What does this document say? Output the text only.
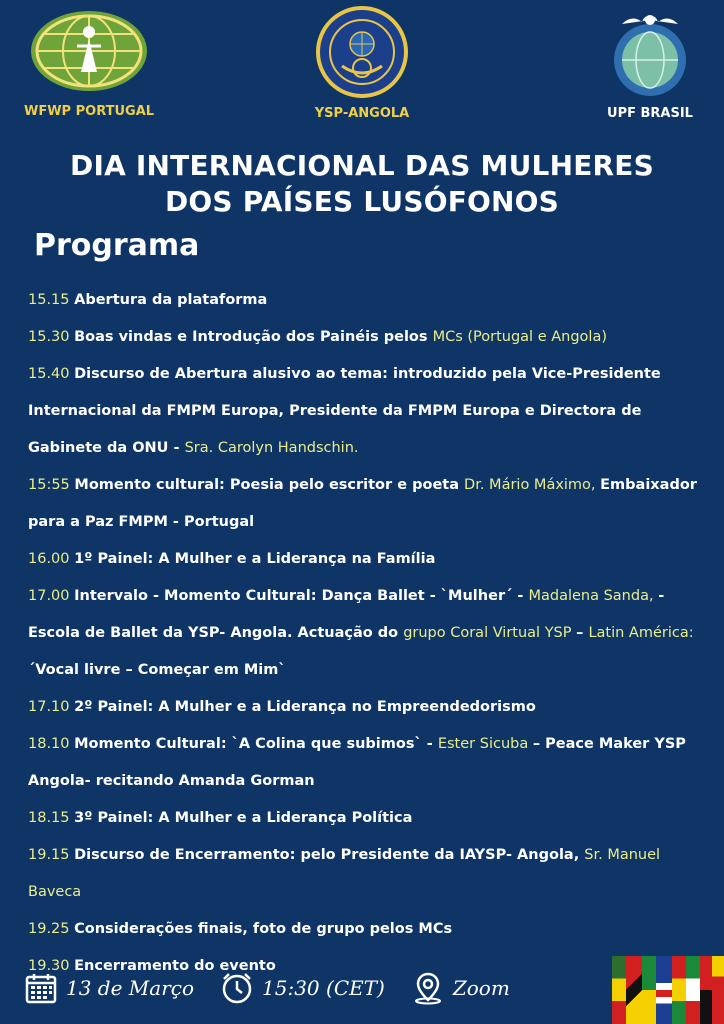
WFWP PORTUGAL	YSP-ANGOLA	UPF BRASIL
DIA INTERNACIONAL DAS MULHERES
DOS PAÍSES LUSÓFONOS
Programa

15.15 Abertura da plataforma

15.30 Boas vindas e Introdução dos Painéis pelos MCs (Portugal e Angola)

15.40 Discurso de Abertura alusivo ao tema: introduzido pela Vice-Presidente Internacional da FMPM Europa, Presidente da FMPM Europa e Directora de Gabinete da ONU - Sra. Carolyn Handschin.

15:55 Momento cultural: Poesia pelo escritor e poeta Dr. Mário Máximo, Embaixador para a Paz FMPM - Portugal

16.00 1º Painel: A Mulher e a Liderança na Família

17.00 Intervalo - Momento Cultural: Dança Ballet - `Mulher´ - Madalena Sanda, -Escola de Ballet da YSP- Angola. Actuação do grupo Coral Virtual YSP – Latin América: ´Vocal livre – Começar em Mim`

17.10 2º Painel: A Mulher e a Liderança no Empreendedorismo

18.10 Momento Cultural: `A Colina que subimos` - Ester Sicuba – Peace Maker YSP Angola- recitando Amanda Gorman

18.15 3º Painel: A Mulher e a Liderança Política

19.15 Discurso de Encerramento: pelo Presidente da IAYSP- Angola, Sr. Manuel Baveca

19.25 Considerações finais, foto de grupo pelos MCs

19.30 Encerramento do evento

13 de Março	15:30 (CET)	Zoom
